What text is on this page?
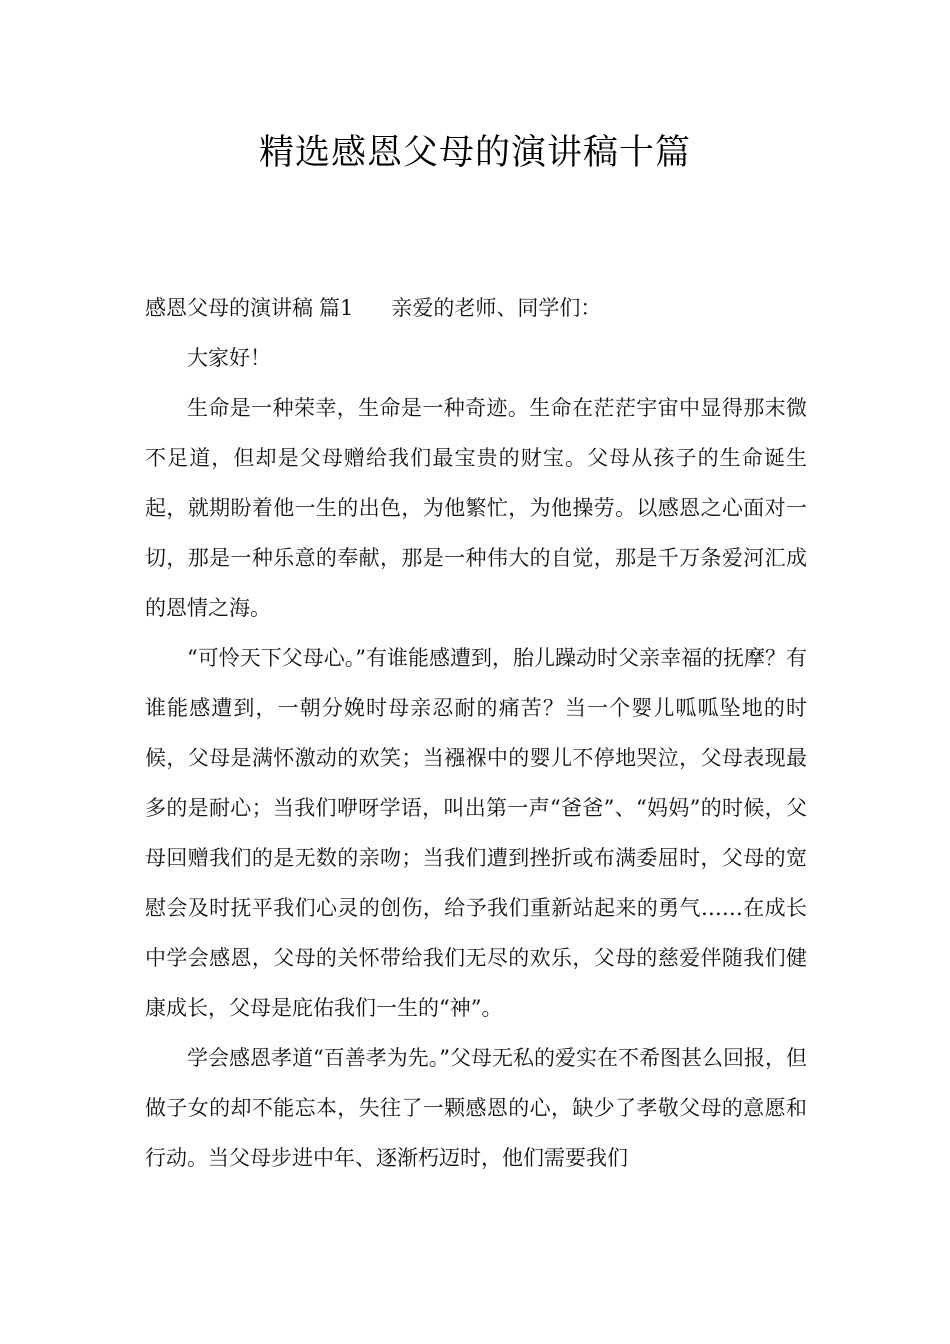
精选感恩父母的演讲稿十篇

感恩父母的演讲稿 篇1 亲爱的老师、同学们：

大家好！

生命是一种荣幸，生命是一种奇迹。生命在茫茫宇宙中显得那末微不足道，但却是父母赠给我们最宝贵的财宝。父母从孩子的生命诞生起，就期盼着他一生的出色，为他繁忙，为他操劳。以感恩之心面对一切，那是一种乐意的奉献，那是一种伟大的自觉，那是千万条爱河汇成的恩情之海。

“可怜天下父母心。”有谁能感遭到，胎儿躁动时父亲幸福的抚摩？有谁能感遭到，一朝分娩时母亲忍耐的痛苦？当一个婴儿呱呱坠地的时候，父母是满怀激动的欢笑；当襁褓中的婴儿不停地哭泣，父母表现最多的是耐心；当我们咿呀学语，叫出第一声“爸爸”、“妈妈”的时候，父母回赠我们的是无数的亲吻；当我们遭到挫折或布满委屈时，父母的宽慰会及时抚平我们心灵的创伤，给予我们重新站起来的勇气……在成长中学会感恩，父母的关怀带给我们无尽的欢乐，父母的慈爱伴随我们健康成长，父母是庇佑我们一生的“神”。

学会感恩孝道“百善孝为先。”父母无私的爱实在不希图甚么回报，但做子女的却不能忘本，失往了一颗感恩的心，缺少了孝敬父母的意愿和行动。当父母步进中年、逐渐朽迈时，他们需要我们
